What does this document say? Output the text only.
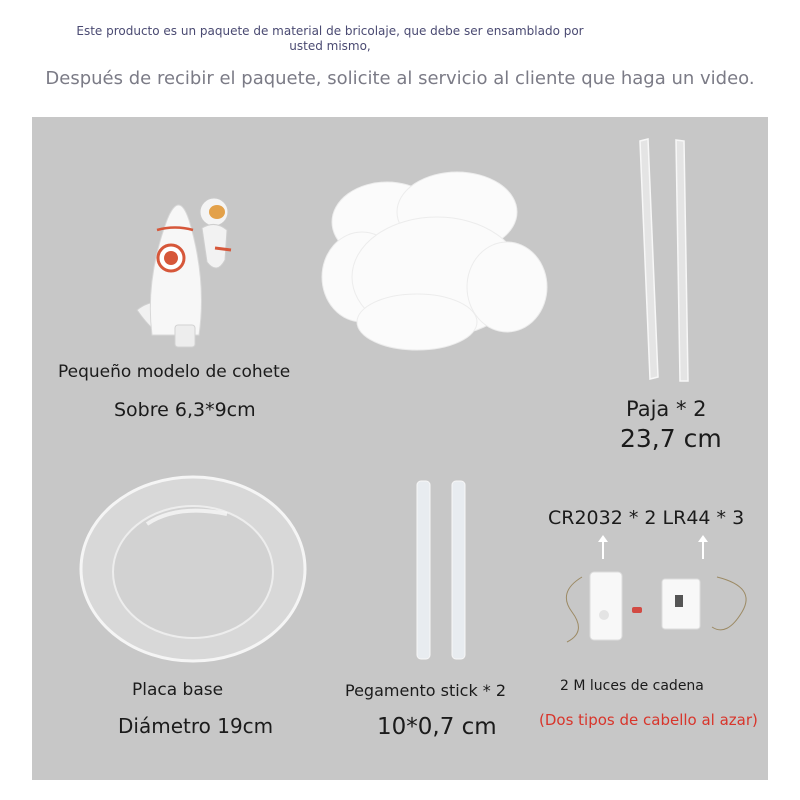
Este producto es un paquete de material de bricolaje, que debe ser ensamblado por
usted mismo,
Después de recibir el paquete, solicite al servicio al cliente que haga un video.
Pequeño modelo de cohete
Sobre 6,3*9cm	Paja * 2
23,7 cm
Placa base
Diámetro 19cm
Pegamento stick * 2
10*0,7 cm
CR2032 * 2 LR44 * 3
2 M luces de cadena
(Dos tipos de cabello al azar)
